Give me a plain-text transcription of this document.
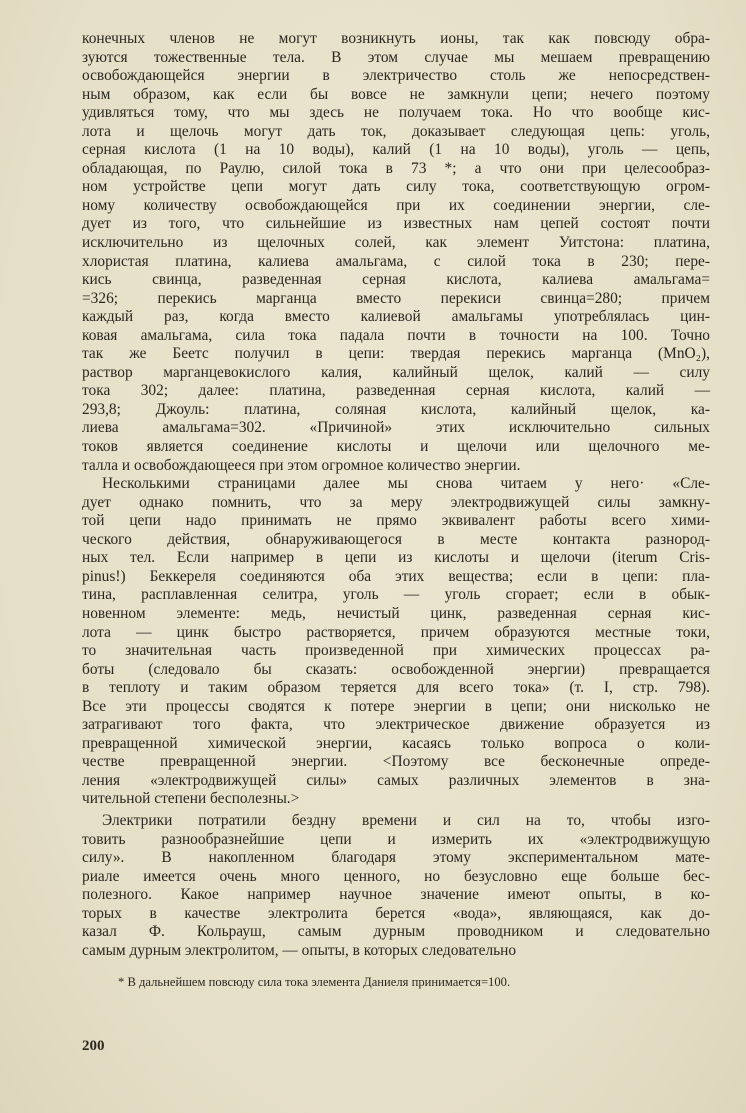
конечных членов не могут возникнуть ионы, так как повсюду обра-
зуются тожественные тела. В этом случае мы мешаем превращению
освобождающейся энергии в электричество столь же непосредствен-
ным образом, как если бы вовсе не замкнули цепи; нечего поэтому
удивляться тому, что мы здесь не получаем тока. Но что вообще кис-
лота и щелочь могут дать ток, доказывает следующая цепь: уголь,
серная кислота (1 на 10 воды), калий (1 на 10 воды), уголь — цепь,
обладающая, по Раулю, силой тока в 73 *; а что они при целесообраз-
ном устройстве цепи могут дать силу тока, соответствующую огром-
ному количеству освобождающейся при их соединении энергии, сле-
дует из того, что сильнейшие из известных нам цепей состоят почти
исключительно из щелочных солей, как элемент Уитстона: платина,
хлористая платина, калиева амальгама, с силой тока в 230; пере-
кись свинца, разведенная серная кислота, калиева амальгама=
=326; перекись марганца вместо перекиси свинца=280; причем
каждый раз, когда вместо калиевой амальгамы употреблялась цин-
ковая амальгама, сила тока падала почти в точности на 100. Точно
так же Беетс получил в цепи: твердая перекись марганца (MnO₂),
раствор марганцевокислого калия, калийный щелок, калий — силу
тока 302; далее: платина, разведенная серная кислота, калий —
293,8; Джоуль: платина, соляная кислота, калийный щелок, ка-
лиева амальгама=302. «Причиной» этих исключительно сильных
токов является соединение кислоты и щелочи или щелочного ме-
талла и освобождающееся при этом огромное количество энергии.

Несколькими страницами далее мы снова читаем у него· «Сле-
дует однако помнить, что за меру электродвижущей силы замкну-
той цепи надо принимать не прямо эквивалент работы всего хими-
ческого действия, обнаруживающегося в месте контакта разнород-
ных тел. Если например в цепи из кислоты и щелочи (iterum Cris-
pinus!) Беккереля соединяются оба этих вещества; если в цепи: пла-
тина, расплавленная селитра, уголь — уголь сгорает; если в обык-
новенном элементе: медь, нечистый цинк, разведенная серная кис-
лота — цинк быстро растворяется, причем образуются местные токи,
то значительная часть произведенной при химических процессах ра-
боты (следовало бы сказать: освобожденной энергии) превращается
в теплоту и таким образом теряется для всего тока» (т. I, стр. 798).
Все эти процессы сводятся к потере энергии в цепи; они нисколько не
затрагивают того факта, что электрическое движение образуется из
превращенной химической энергии, касаясь только вопроса о коли-
честве превращенной энергии. <Поэтому все бесконечные опреде-
ления «электродвижущей силы» самых различных элементов в зна-
чительной степени бесполезны.>

Электрики потратили бездну времени и сил на то, чтобы изго-
товить разнообразнейшие цепи и измерить их «электродвижущую
силу». В накопленном благодаря этому экспериментальном мате-
риале имеется очень много ценного, но безусловно еще больше бес-
полезного. Какое например научное значение имеют опыты, в ко-
торых в качестве электролита берется «вода», являющаяся, как до-
казал Ф. Кольрауш, самым дурным проводником и следовательно
самым дурным электролитом, — опыты, в которых следовательно

* В дальнейшем повсюду сила тока элемента Даниеля принимается=100.
200
